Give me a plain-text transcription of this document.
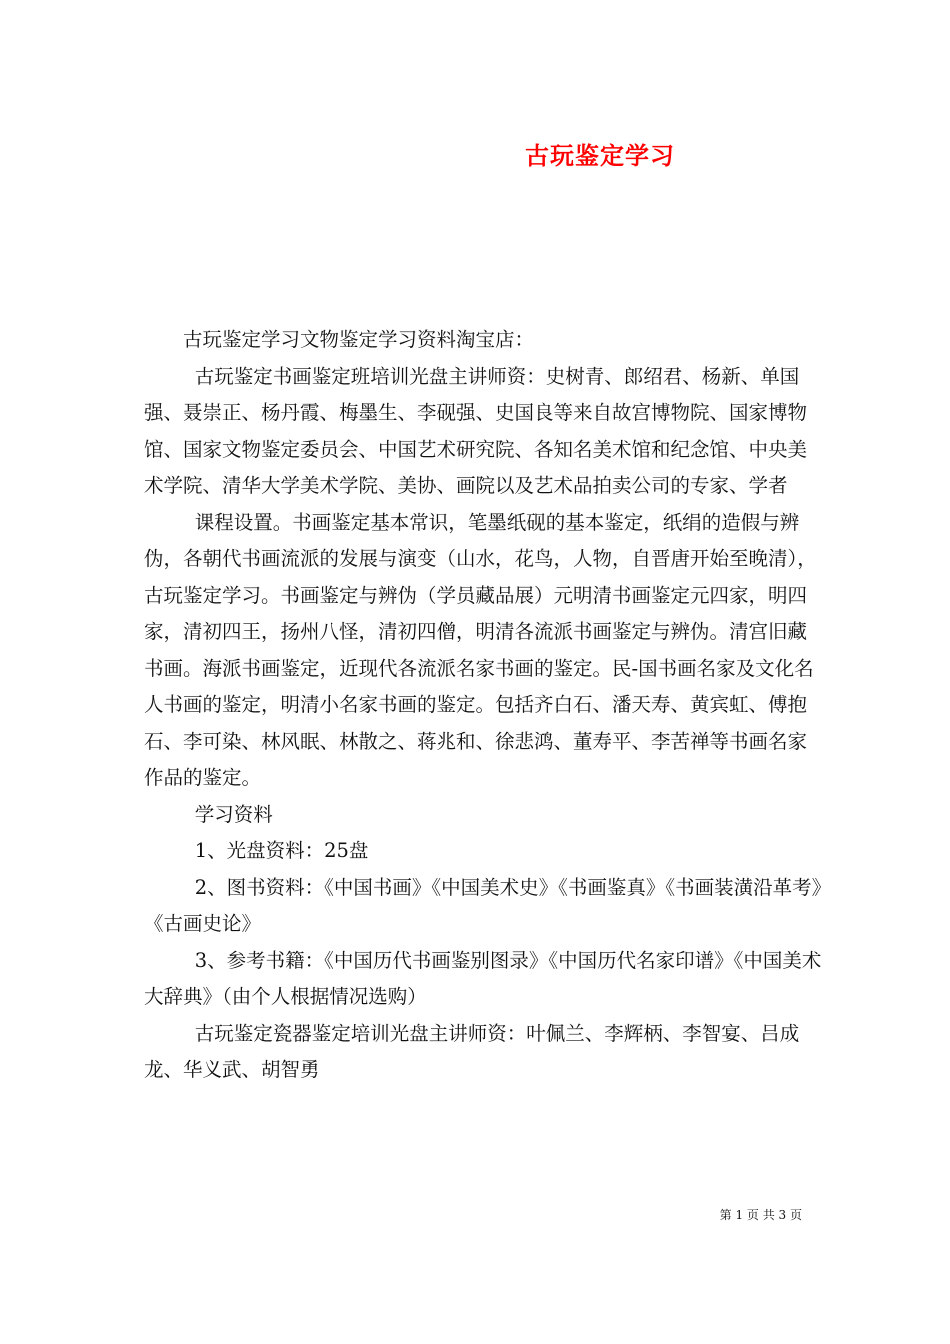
古玩鉴定学习

古玩鉴定学习文物鉴定学习资料淘宝店：

古玩鉴定书画鉴定班培训光盘主讲师资：史树青、郎绍君、杨新、单国强、聂崇正、杨丹霞、梅墨生、李砚强、史国良等来自故宫博物院、国家博物馆、国家文物鉴定委员会、中国艺术研究院、各知名美术馆和纪念馆、中央美术学院、清华大学美术学院、美协、画院以及艺术品拍卖公司的专家、学者

课程设置。书画鉴定基本常识，笔墨纸砚的基本鉴定，纸绢的造假与辨伪，各朝代书画流派的发展与演变（山水，花鸟，人物，自晋唐开始至晚清），古玩鉴定学习。书画鉴定与辨伪（学员藏品展）元明清书画鉴定元四家，明四家，清初四王，扬州八怪，清初四僧，明清各流派书画鉴定与辨伪。清宫旧藏书画。海派书画鉴定，近现代各流派名家书画的鉴定。民-国书画名家及文化名人书画的鉴定，明清小名家书画的鉴定。包括齐白石、潘天寿、黄宾虹、傅抱石、李可染、林风眠、林散之、蒋兆和、徐悲鸿、董寿平、李苦禅等书画名家作品的鉴定。

学习资料

1、光盘资料：25盘

2、图书资料：《中国书画》《中国美术史》《书画鉴真》《书画装潢沿革考》《古画史论》

3、参考书籍：《中国历代书画鉴别图录》《中国历代名家印谱》《中国美术大辞典》（由个人根据情况选购）

古玩鉴定瓷器鉴定培训光盘主讲师资：叶佩兰、李辉柄、李智宴、吕成龙、华义武、胡智勇

第 1 页 共 3 页
